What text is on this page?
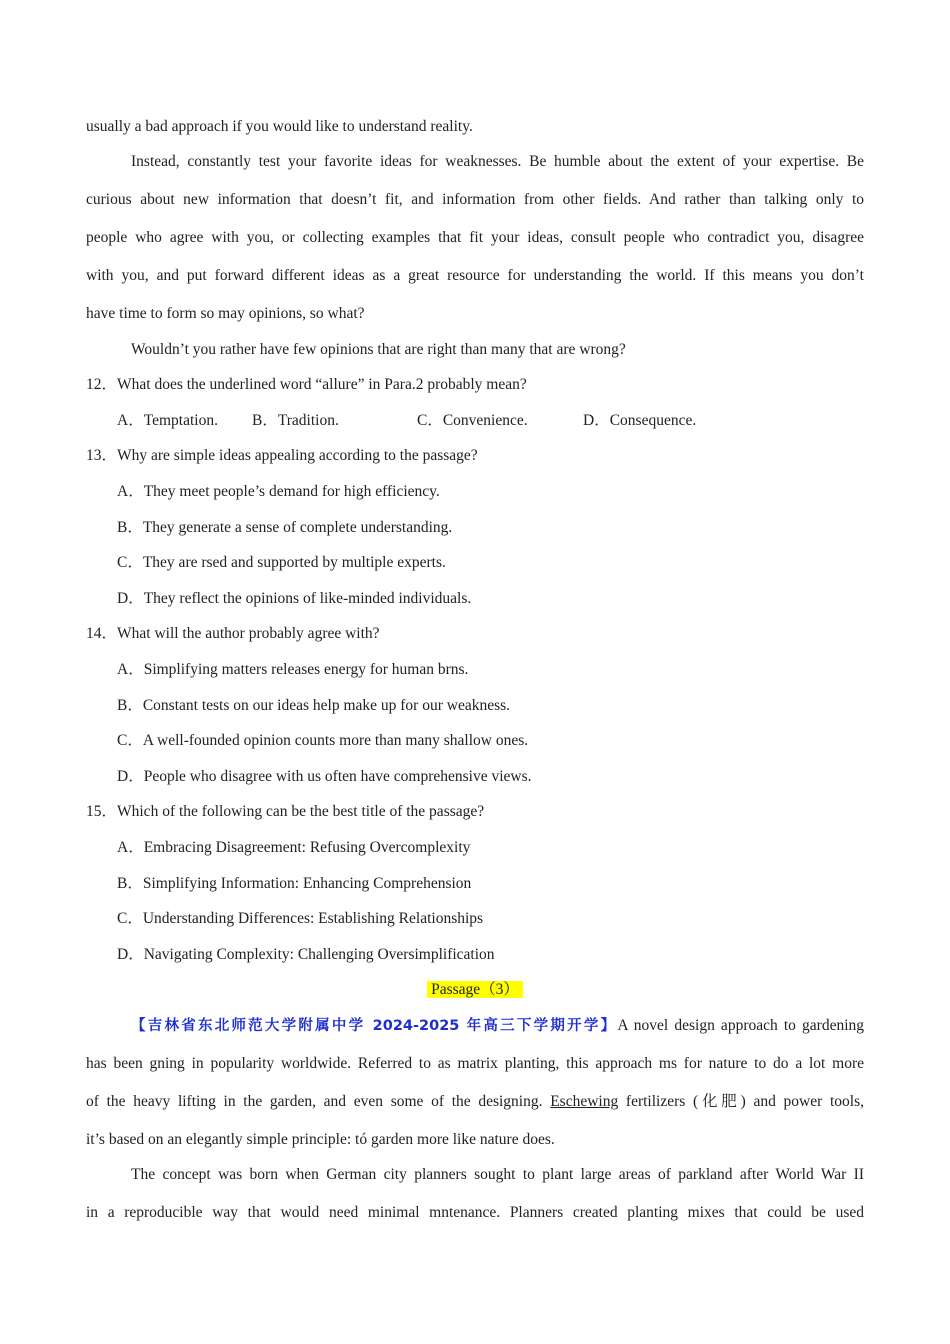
usually a bad approach if you would like to understand reality.
Instead, constantly test your favorite ideas for weaknesses. Be humble about the extent of your expertise. Be
curious about new information that doesn’t fit, and information from other fields. And rather than talking only to
people who agree with you, or collecting examples that fit your ideas, consult people who contradict you, disagree
with you, and put forward different ideas as a great resource for understanding the world. If this means you don’t
have time to form so may opinions, so what?
Wouldn’t you rather have few opinions that are right than many that are wrong?
12．What does the underlined word “allure” in Para.2 probably mean?
A．Temptation. B．Tradition.	C．Convenience.	D．Consequence.
13．Why are simple ideas appealing according to the passage?
A．They meet people’s demand for high efficiency.
B．They generate a sense of complete understanding.
C．They are rsed and supported by multiple experts.
D．They reflect the opinions of like-minded individuals.
14．What will the author probably agree with?
A．Simplifying matters releases energy for human brns.
B．Constant tests on our ideas help make up for our weakness.
C．A well-founded opinion counts more than many shallow ones.
D．People who disagree with us often have comprehensive views.
15．Which of the following can be the best title of the passage?
A．Embracing Disagreement: Refusing Overcomplexity
B．Simplifying Information: Enhancing Comprehension
C．Understanding Differences: Establishing Relationships
D．Navigating Complexity: Challenging Oversimplification
Passage（3）
【吉林省东北师范大学附属中学 2024-2025 年高三下学期开学】A novel design approach to gardening
has been gning in popularity worldwide. Referred to as matrix planting, this approach ms for nature to do a lot more
of the heavy lifting in the garden, and even some of the designing. Eschewing fertilizers (化肥) and power tools,
it’s based on an elegantly simple principle: tó garden more like nature does.
The concept was born when German city planners sought to plant large areas of parkland after World War II
in a reproducible way that would need minimal mntenance. Planners created planting mixes that could be used
